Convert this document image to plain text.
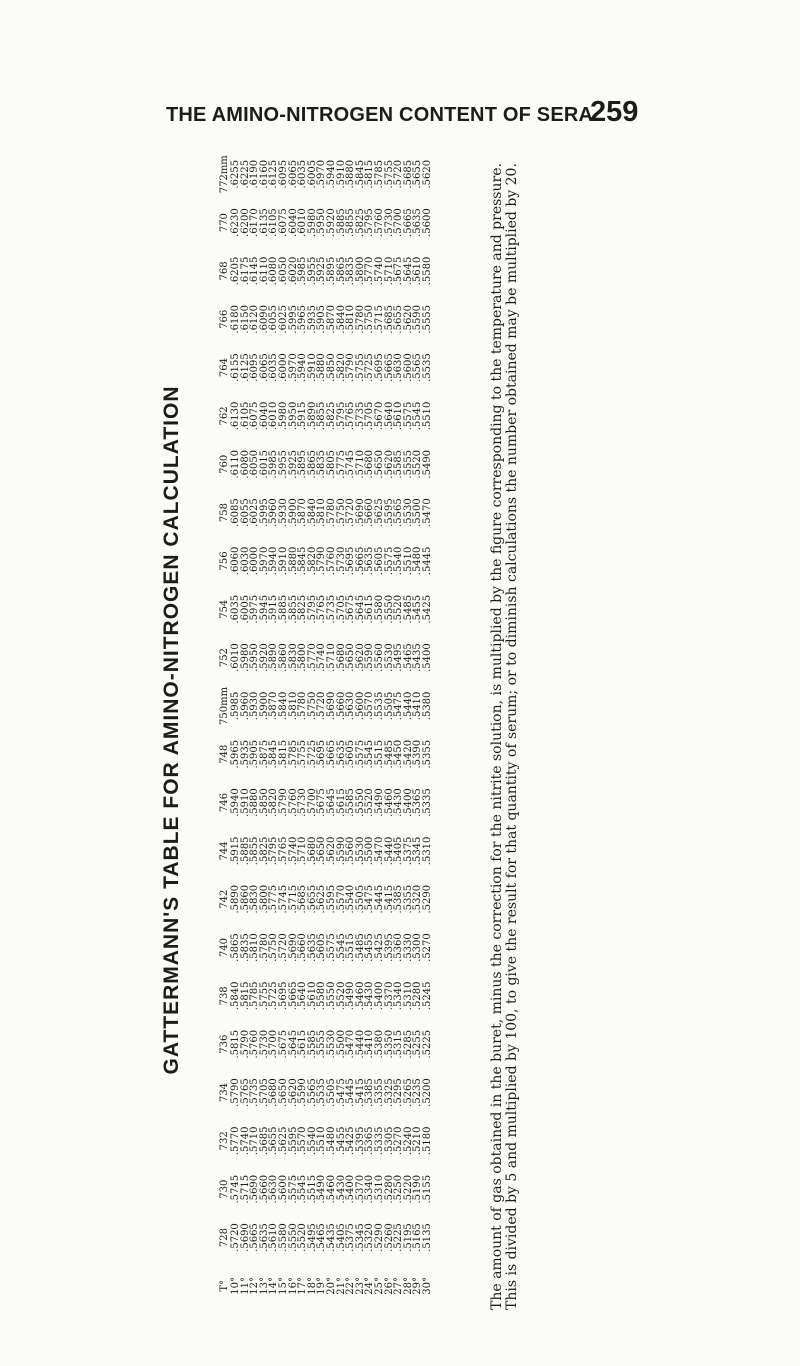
THE AMINO-NITROGEN CONTENT OF SERA
259
GATTERMANN'S TABLE FOR AMINO-NITROGEN CALCULATION
T°	728	730	732	734	736	738	740	742	744	746	748	750mm	752	754	756	758	760	762	764	766	768	770	772mm
10°	.5720	.5745	.5770	.5790	.5815	.5840	.5865	.5890	.5915	.5940	.5965	.5985	.6010	.6035	.6060	.6085	.6110	.6130	.6155	.6180	.6205	.6230	.6255
11°	.5690	.5715	.5740	.5765	.5790	.5815	.5835	.5860	.5885	.5910	.5935	.5960	.5980	.6005	.6030	.6055	.6080	.6105	.6125	.6150	.6175	.6200	.6225
12°	.5665	.5690	.5710	.5735	.5760	.5785	.5810	.5830	.5855	.5880	.5905	.5930	.5950	.5975	.6000	.6025	.6050	.6075	.6095	.6120	.6145	.6170	.6190
13°	.5635	.5660	.5685	.5705	.5730	.5755	.5780	.5800	.5825	.5850	.5875	.5900	.5920	.5945	.5970	.5995	.6015	.6040	.6065	.6090	.6110	.6135	.6160
14°	.5610	.5630	.5655	.5680	.5700	.5725	.5750	.5775	.5795	.5820	.5845	.5870	.5890	.5915	.5940	.5960	.5985	.6010	.6035	.6055	.6080	.6105	.6125
15°	.5580	.5600	.5625	.5650	.5675	.5695	.5720	.5745	.5765	.5790	.5815	.5840	.5860	.5885	.5910	.5930	.5955	.5980	.6000	.6025	.6050	.6075	.6095
16°	.5550	.5575	.5595	.5620	.5645	.5665	.5690	.5715	.5740	.5760	.5785	.5810	.5830	.5855	.5880	.5900	.5925	.5950	.5970	.5995	.6020	.6040	.6065
17°	.5520	.5545	.5570	.5590	.5615	.5640	.5660	.5685	.5710	.5730	.5755	.5780	.5800	.5825	.5845	.5870	.5895	.5915	.5940	.5965	.5985	.6010	.6035
18°	.5495	.5515	.5540	.5565	.5585	.5610	.5635	.5655	.5680	.5700	.5725	.5750	.5770	.5795	.5820	.5840	.5865	.5890	.5910	.5935	.5955	.5980	.6005
19°	.5465	.5490	.5510	.5535	.5555	.5580	.5605	.5625	.5650	.5675	.5695	.5720	.5740	.5765	.5790	.5810	.5835	.5855	.5880	.5905	.5925	.5950	.5970
20°	.5435	.5460	.5480	.5505	.5530	.5550	.5575	.5595	.5620	.5645	.5665	.5690	.5710	.5735	.5760	.5780	.5805	.5825	.5850	.5870	.5895	.5920	.5940
21°	.5405	.5430	.5455	.5475	.5500	.5520	.5545	.5570	.5590	.5615	.5635	.5660	.5680	.5705	.5730	.5750	.5775	.5795	.5820	.5840	.5865	.5885	.5910
22°	.5375	.5400	.5425	.5445	.5470	.5490	.5515	.5540	.5560	.5585	.5605	.5630	.5650	.5675	.5695	.5720	.5745	.5765	.5790	.5810	.5835	.5855	.5880
23°	.5345	.5370	.5395	.5415	.5440	.5460	.5485	.5505	.5530	.5550	.5575	.5600	.5620	.5645	.5665	.5690	.5710	.5735	.5755	.5780	.5800	.5825	.5845
24°	.5320	.5340	.5365	.5385	.5410	.5430	.5455	.5475	.5500	.5520	.5545	.5570	.5590	.5615	.5635	.5660	.5680	.5705	.5725	.5750	.5770	.5795	.5815
25°	.5290	.5310	.5335	.5355	.5380	.5400	.5425	.5445	.5470	.5490	.5515	.5535	.5560	.5580	.5605	.5625	.5650	.5670	.5695	.5715	.5740	.5760	.5785
26°	.5260	.5280	.5305	.5325	.5350	.5370	.5395	.5415	.5440	.5460	.5485	.5505	.5530	.5550	.5575	.5595	.5620	.5640	.5665	.5685	.5710	.5730	.5755
27°	.5225	.5250	.5270	.5295	.5315	.5340	.5360	.5385	.5405	.5430	.5450	.5475	.5495	.5520	.5540	.5565	.5585	.5610	.5630	.5655	.5675	.5700	.5720
28°	.5195	.5220	.5240	.5265	.5285	.5310	.5330	.5355	.5375	.5400	.5420	.5440	.5465	.5485	.5510	.5530	.5555	.5575	.5600	.5620	.5645	.5665	.5685
29°	.5165	.5190	.5210	.5235	.5255	.5280	.5300	.5320	.5345	.5365	.5390	.5410	.5435	.5455	.5480	.5500	.5520	.5545	.5565	.5590	.5610	.5635	.5655
30°	.5135	.5155	.5180	.5200	.5225	.5245	.5270	.5290	.5310	.5335	.5355	.5380	.5400	.5425	.5445	.5470	.5490	.5510	.5535	.5555	.5580	.5600	.5620	The amount of gas obtained in the buret, minus the correction for the nitrite solution, is multiplied by the figure corresponding to the temperature and pressure. This is divided by 5 and multiplied by 100, to give the result for that quantity of serum; or to diminish calculations the number obtained may be multiplied by 20.
